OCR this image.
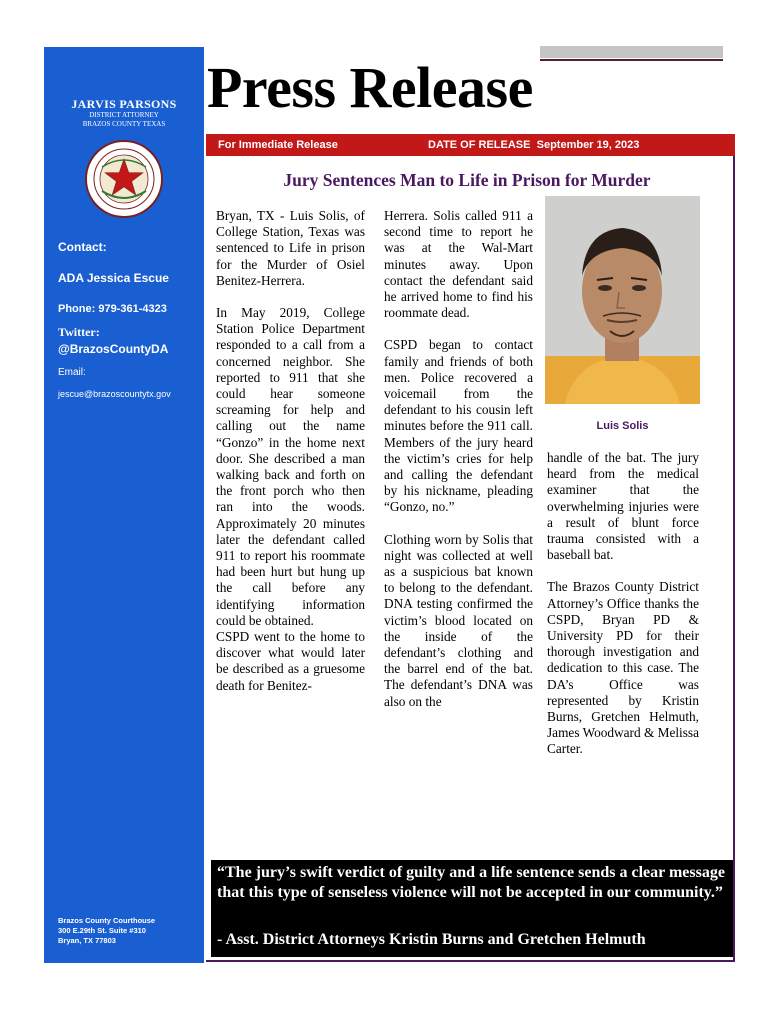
JARVIS PARSONS
DISTRICT ATTORNEY
BRAZOS COUNTY TEXAS
Contact:
ADA Jessica Escue
Phone: 979-361-4323
Twitter:
@BrazosCountyDA
Email:
jescue@brazoscountytx.gov
Brazos County Courthouse
300 E.29th St. Suite #310
Bryan, TX 77803
Press Release
For Immediate Release	DATE OF RELEASE September 19, 2023
Jury Sentences Man to Life in Prison for Murder

Bryan, TX - Luis Solis, of College Station, Texas was sentenced to Life in prison for the Murder of Osiel Benitez-Herrera.

In May 2019, College Station Police Department responded to a call from a concerned neighbor. She reported to 911 that she could hear someone screaming for help and calling out the name “Gonzo” in the home next door. She described a man walking back and forth on the front porch who then ran into the woods. Approximately 20 minutes later the defendant called 911 to report his roommate had been hurt but hung up the call before any identifying information could be obtained.

CSPD went to the home to discover what would later be described as a gruesome death for Benitez-

Herrera. Solis called 911 a second time to report he was at the Wal-Mart minutes away. Upon contact the defendant said he arrived home to find his roommate dead.

CSPD began to contact family and friends of both men. Police recovered a voicemail from the defendant to his cousin left minutes before the 911 call. Members of the jury heard the victim’s cries for help and calling the defendant by his nickname, pleading “Gonzo, no.”

Clothing worn by Solis that night was collected at well as a suspicious bat known to belong to the defendant. DNA testing confirmed the victim’s blood located on the inside of the defendant’s clothing and the barrel end of the bat. The defendant’s DNA was also on the

Luis Solis

handle of the bat. The jury heard from the medical examiner that the overwhelming injuries were a result of blunt force trauma consisted with a baseball bat.

The Brazos County District Attorney’s Office thanks the CSPD, Bryan PD & University PD for their thorough investigation and dedication to this case. The DA’s Office was represented by Kristin Burns, Gretchen Helmuth, James Woodward & Melissa Carter.

“The jury’s swift verdict of guilty and a life sentence sends a clear message that this type of senseless violence will not be accepted in our community.”
- Asst. District Attorneys Kristin Burns and Gretchen Helmuth
